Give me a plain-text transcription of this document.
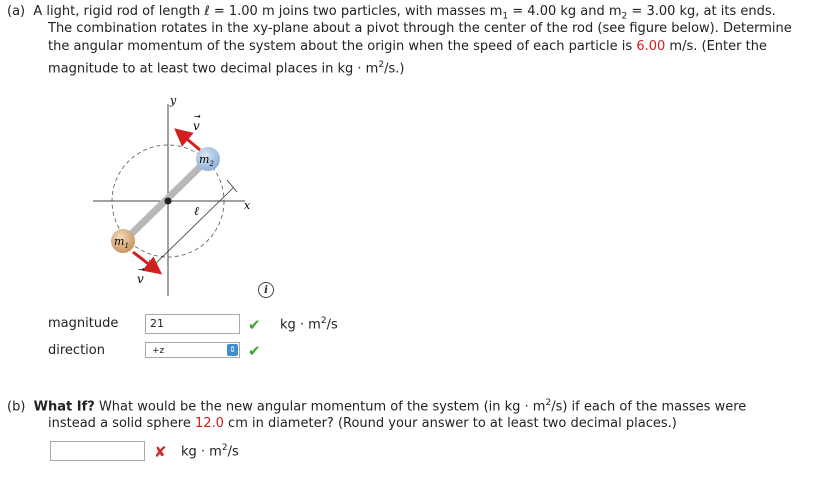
(a) A light, rigid rod of length ℓ = 1.00 m joins two particles, with masses $m_1 = 4.00$ kg and $m_2 = 3.00$ kg, at its ends.
The combination rotates in the xy-plane about a pivot through the center of the rod (see figure below). Determine
the angular momentum of the system about the origin when the speed of each particle is 6.00 m/s. (Enter the
magnitude to at least two decimal places in kg · $m^2/s$.)
y
x
v
→
v
→
ℓ
$m_1$
$m_2$
i
magnitude	21	✔ kg · $m^2/s$
direction	+z	⇕ ✔
(b) What If? What would be the new angular momentum of the system (in kg · $m^2/s$) if each of the masses were
instead a solid sphere 12.0 cm in diameter? (Round your answer to at least two decimal places.)
✘ kg · $m^2/s$
